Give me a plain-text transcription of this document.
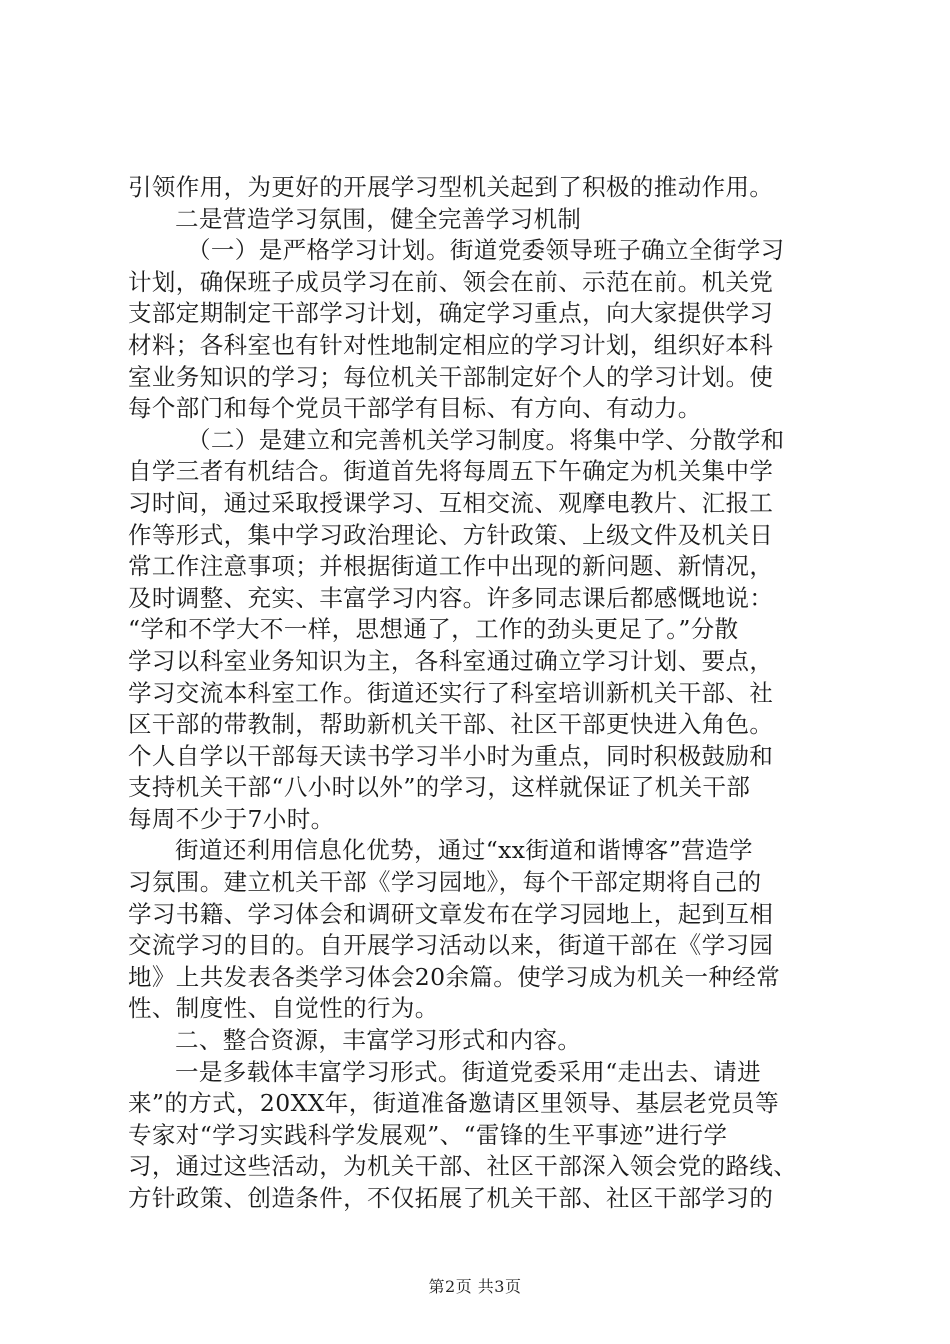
引领作用，为更好的开展学习型机关起到了积极的推动作用。
二是营造学习氛围，健全完善学习机制
（一）是严格学习计划。街道党委领导班子确立全街学习
计划，确保班子成员学习在前、领会在前、示范在前。机关党
支部定期制定干部学习计划，确定学习重点，向大家提供学习
材料；各科室也有针对性地制定相应的学习计划，组织好本科
室业务知识的学习；每位机关干部制定好个人的学习计划。使
每个部门和每个党员干部学有目标、有方向、有动力。
（二）是建立和完善机关学习制度。将集中学、分散学和
自学三者有机结合。街道首先将每周五下午确定为机关集中学
习时间，通过采取授课学习、互相交流、观摩电教片、汇报工
作等形式，集中学习政治理论、方针政策、上级文件及机关日
常工作注意事项；并根据街道工作中出现的新问题、新情况，
及时调整、充实、丰富学习内容。许多同志课后都感慨地说：
“学和不学大不一样，思想通了，工作的劲头更足了。”分散
学习以科室业务知识为主，各科室通过确立学习计划、要点，
学习交流本科室工作。街道还实行了科室培训新机关干部、社
区干部的带教制，帮助新机关干部、社区干部更快进入角色。
个人自学以干部每天读书学习半小时为重点，同时积极鼓励和
支持机关干部“八小时以外”的学习，这样就保证了机关干部
每周不少于7小时。
街道还利用信息化优势，通过“xx街道和谐博客”营造学
习氛围。建立机关干部《学习园地》，每个干部定期将自己的
学习书籍、学习体会和调研文章发布在学习园地上，起到互相
交流学习的目的。自开展学习活动以来，街道干部在《学习园
地》上共发表各类学习体会20余篇。使学习成为机关一种经常
性、制度性、自觉性的行为。
二、整合资源，丰富学习形式和内容。
一是多载体丰富学习形式。街道党委采用“走出去、请进
来”的方式，20XX年，街道准备邀请区里领导、基层老党员等
专家对“学习实践科学发展观”、“雷锋的生平事迹”进行学
习，通过这些活动，为机关干部、社区干部深入领会党的路线、
方针政策、创造条件，不仅拓展了机关干部、社区干部学习的
第2页 共3页
